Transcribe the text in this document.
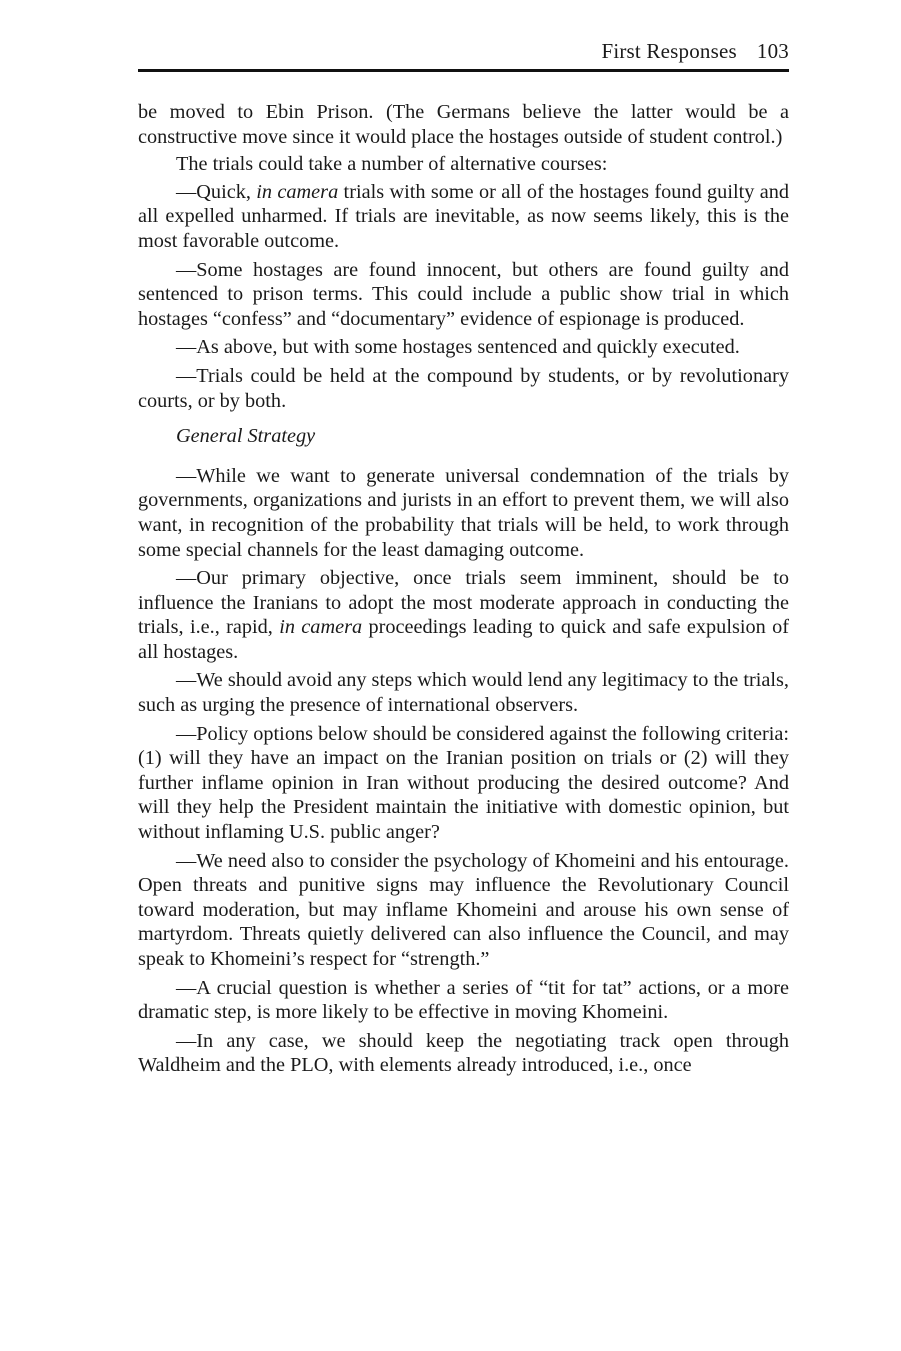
First Responses 103

be moved to Ebin Prison. (The Germans believe the latter would be a constructive move since it would place the hostages outside of student control.)

The trials could take a number of alternative courses:

—Quick, in camera trials with some or all of the hostages found guilty and all expelled unharmed. If trials are inevitable, as now seems likely, this is the most favorable outcome.

—Some hostages are found innocent, but others are found guilty and sentenced to prison terms. This could include a public show trial in which hostages “confess” and “documentary” evidence of espionage is produced.

—As above, but with some hostages sentenced and quickly executed.

—Trials could be held at the compound by students, or by revolutionary courts, or by both.

General Strategy

—While we want to generate universal condemnation of the trials by governments, organizations and jurists in an effort to prevent them, we will also want, in recognition of the probability that trials will be held, to work through some special channels for the least damaging outcome.

—Our primary objective, once trials seem imminent, should be to influence the Iranians to adopt the most moderate approach in conducting the trials, i.e., rapid, in camera proceedings leading to quick and safe expulsion of all hostages.

—We should avoid any steps which would lend any legitimacy to the trials, such as urging the presence of international observers.

—Policy options below should be considered against the following criteria: (1) will they have an impact on the Iranian position on trials or (2) will they further inflame opinion in Iran without producing the desired outcome? And will they help the President maintain the initiative with domestic opinion, but without inflaming U.S. public anger?

—We need also to consider the psychology of Khomeini and his entourage. Open threats and punitive signs may influence the Revolutionary Council toward moderation, but may inflame Khomeini and arouse his own sense of martyrdom. Threats quietly delivered can also influence the Council, and may speak to Khomeini’s respect for “strength.”

—A crucial question is whether a series of “tit for tat” actions, or a more dramatic step, is more likely to be effective in moving Khomeini.

—In any case, we should keep the negotiating track open through Waldheim and the PLO, with elements already introduced, i.e., once
